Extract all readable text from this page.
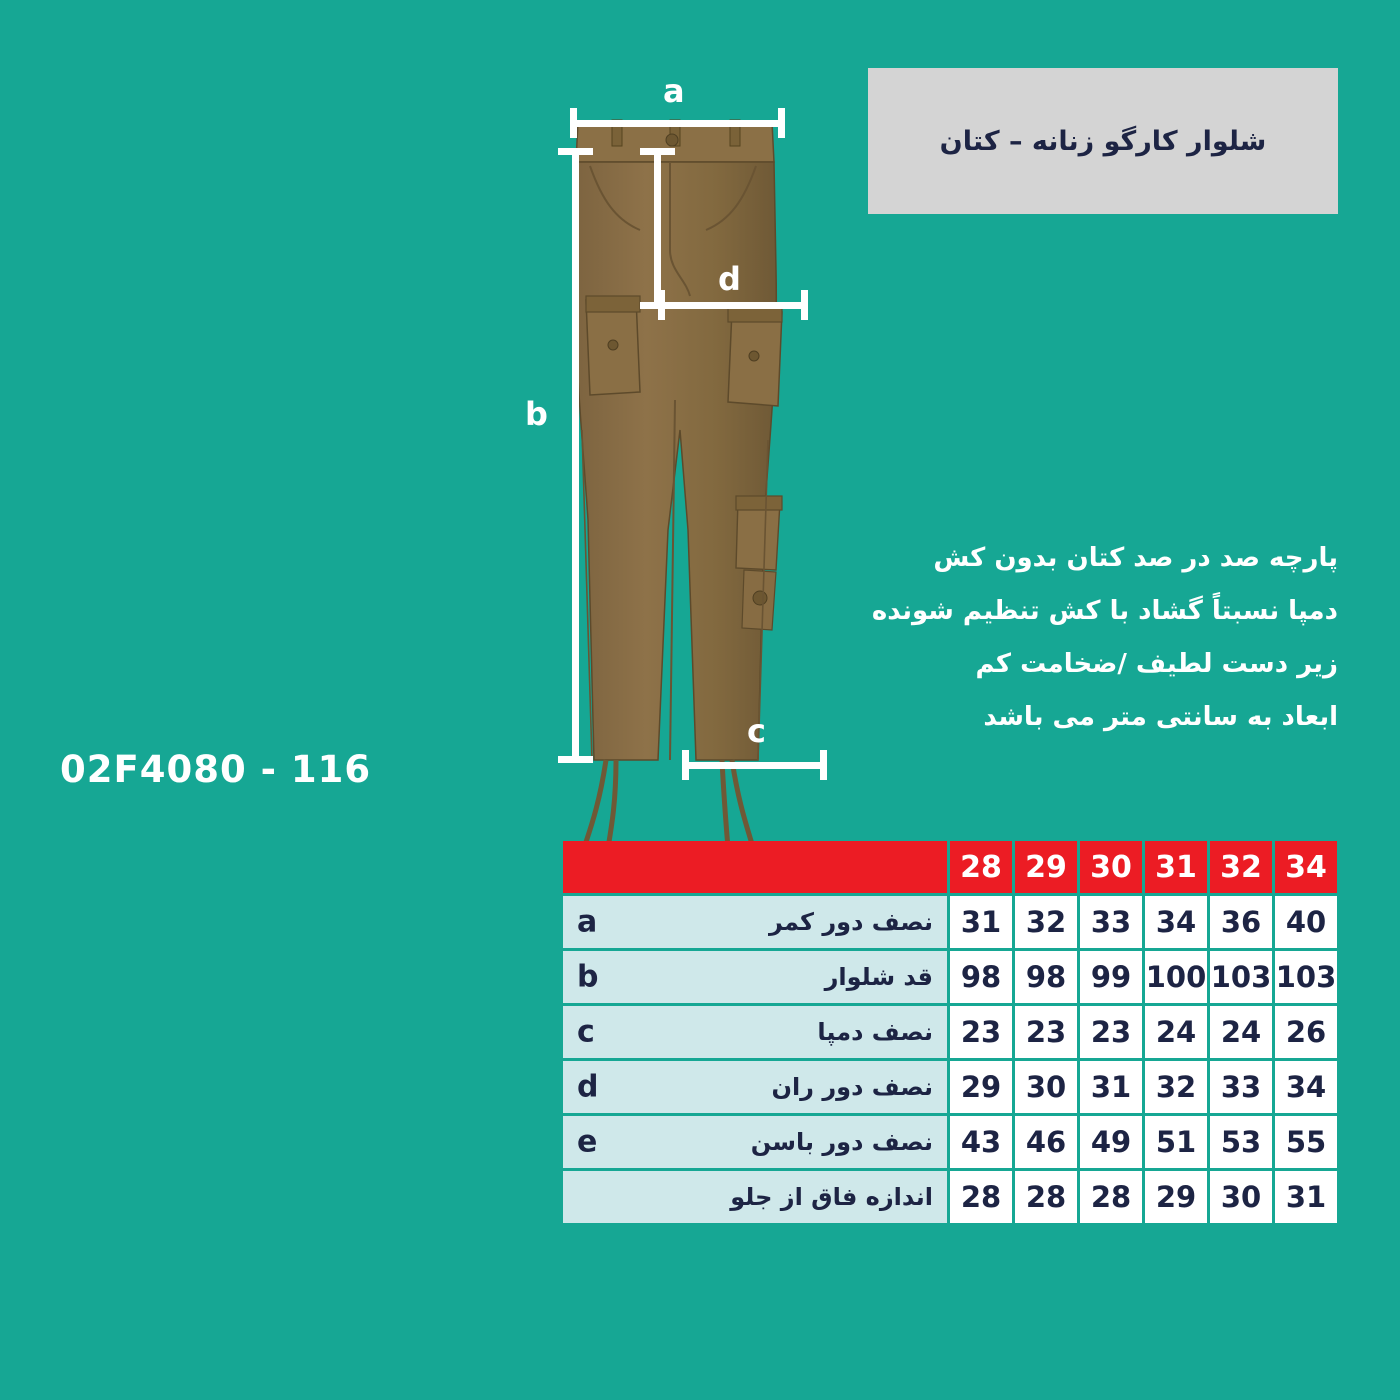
02F4080 - 116
شلوار کارگو زنانه – کتان
پارچه صد در صد کتان بدون کش
دمپا نسبتاً گشاد با کش تنظیم شونده
زیر دست لطیف /ضخامت کم
ابعاد به سانتی متر می باشد
a
b
d
c
34	32	31	30	29	28	
40	36	34	33	32	31	نصف دور کمر
a

103	103	100	99	98	98	قد شلوار
b

26	24	24	23	23	23	نصف دمپا
c

34	33	32	31	30	29	نصف دور ران
d

55	53	51	49	46	43	نصف دور باسن
e

31	30	29	28	28	28	اندازه فاق از جلو
